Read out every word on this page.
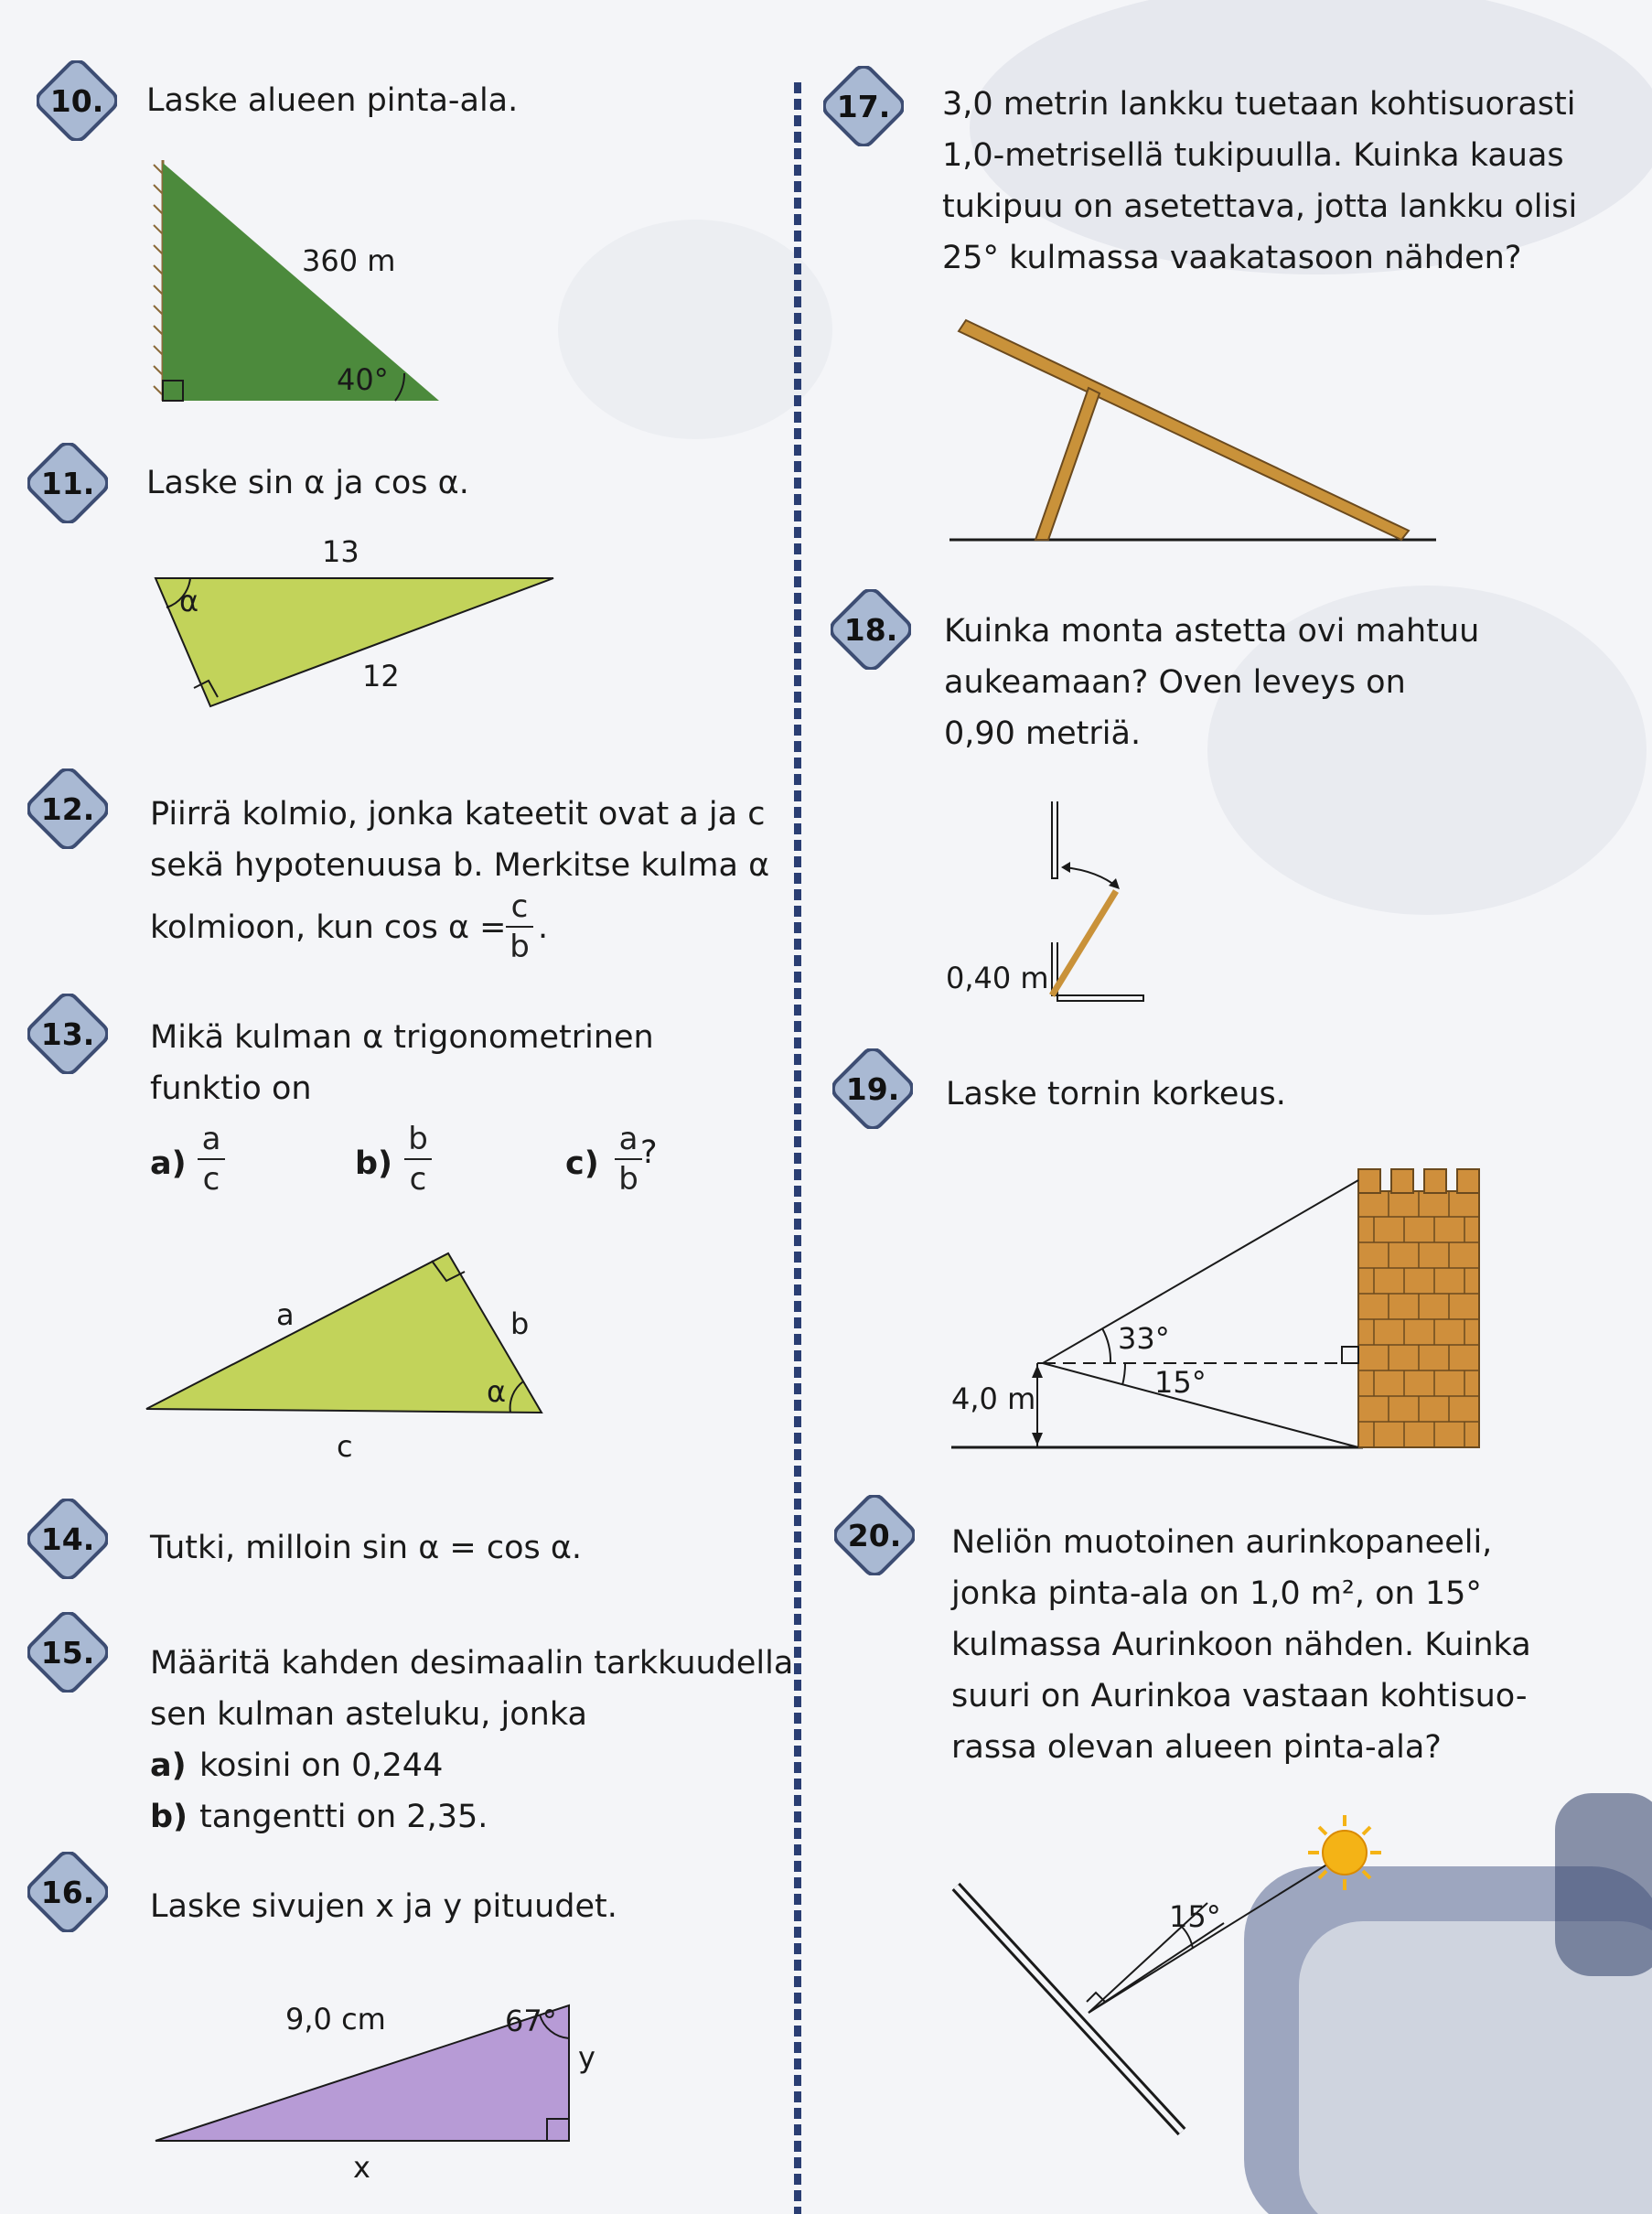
10.	Laske alueen pinta-ala.
360 m
40°
11.	Laske sin α ja cos α.
13
α
12
12.	Piirrä kolmio, jonka kateetit ovat a ja c
sekä hypotenuusa b. Merkitse kulma α
kolmioon, kun cos α =
c
b
.
13.	Mikä kulman α trigonometrinen
funktio on
a)
a
c	b)
b
c	c)
a
b
?
a	b
α
c
14.	Tutki, milloin sin α = cos α.
15.	Määritä kahden desimaalin tarkkuudella
sen kulman asteluku, jonka
a) kosini on 0,244
b) tangentti on 2,35.
16.	Laske sivujen x ja y pituudet.
9,0 cm	67°
y
x
17.	3,0 metrin lankku tuetaan kohtisuorasti
1,0-metrisellä tukipuulla. Kuinka kauas
tukipuu on asetettava, jotta lankku olisi
25° kulmassa vaakatasoon nähden?
18.	Kuinka monta astetta ovi mahtuu
aukeamaan? Oven leveys on
0,90 metriä.
0,40 m
19.	Laske tornin korkeus.
33°
15°
4,0 m
20.	Neliön muotoinen aurinkopaneeli,
jonka pinta-ala on 1,0 m², on 15°
kulmassa Aurinkoon nähden. Kuinka
suuri on Aurinkoa vastaan kohtisuo-
rassa olevan alueen pinta-ala?
15°
